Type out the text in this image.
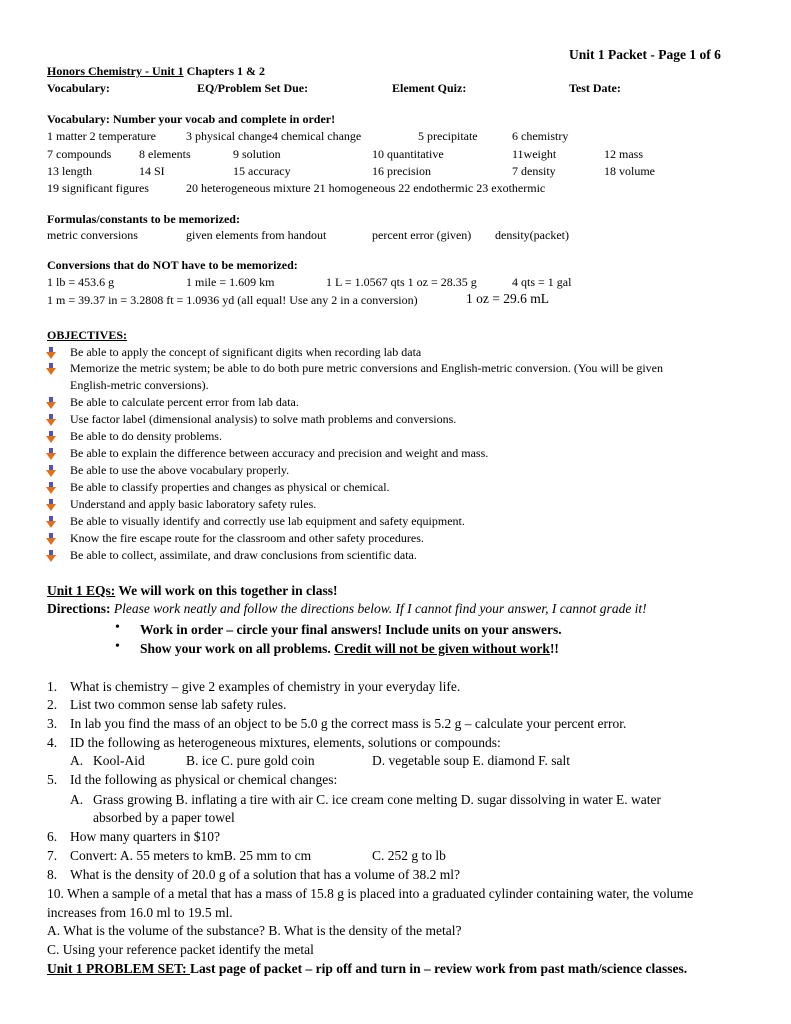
Unit 1 Packet - Page 1 of 6
Honors Chemistry - Unit 1 Chapters 1 & 2
Vocabulary:	EQ/Problem Set Due:	Element Quiz:	Test Date:
Vocabulary: Number your vocab and complete in order!
1 matter 2 temperature	3 physical change4 chemical change	5 precipitate	6 chemistry
7 compounds 8 elements	9 solution	10 quantitative	11weight	12 mass
13 length	14 SI	15 accuracy	16 precision	7 density	18 volume
19 significant figures	20 heterogeneous mixture 21 homogeneous 22 endothermic 23 exothermic
Formulas/constants to be memorized:
metric conversions	given elements from handout	percent error (given) density(packet)
Conversions that do NOT have to be memorized:
1 lb = 453.6 g	1 mile = 1.609 km	1 L = 1.0567 qts 1 oz = 28.35 g	4 qts = 1 gal
1 m = 39.37 in = 3.2808 ft = 1.0936 yd (all equal! Use any 2 in a conversion)	1 oz = 29.6 mL
OBJECTIVES:
Be able to apply the concept of significant digits when recording lab data
Memorize the metric system; be able to do both pure metric conversions and English-metric conversion. (You will be given
English-metric conversions).
Be able to calculate percent error from lab data.
Use factor label (dimensional analysis) to solve math problems and conversions.
Be able to do density problems.
Be able to explain the difference between accuracy and precision and weight and mass.
Be able to use the above vocabulary properly.
Be able to classify properties and changes as physical or chemical.
Understand and apply basic laboratory safety rules.
Be able to visually identify and correctly use lab equipment and safety equipment.
Know the fire escape route for the classroom and other safety procedures.
Be able to collect, assimilate, and draw conclusions from scientific data.
Unit 1 EQs: We will work on this together in class!
Directions: Please work neatly and follow the directions below. If I cannot find your answer, I cannot grade it!
• Work in order – circle your final answers! Include units on your answers.
• Show your work on all problems. Credit will not be given without work!!
1. What is chemistry – give 2 examples of chemistry in your everyday life.
2. List two common sense lab safety rules.
3. In lab you find the mass of an object to be 5.0 g the correct mass is 5.2 g – calculate your percent error.
4. ID the following as heterogeneous mixtures, elements, solutions or compounds:
A. Kool-Aid	B. ice C. pure gold coin	D. vegetable soup E. diamond F. salt
5. Id the following as physical or chemical changes:
A. Grass growing B. inflating a tire with air C. ice cream cone melting D. sugar dissolving in water E. water
absorbed by a paper towel
6. How many quarters in $10?
7. Convert: A. 55 meters to kmB. 25 mm to cm	C. 252 g to lb
8. What is the density of 20.0 g of a solution that has a volume of 38.2 ml?
10. When a sample of a metal that has a mass of 15.8 g is placed into a graduated cylinder containing water, the volume
increases from 16.0 ml to 19.5 ml.
A. What is the volume of the substance? B. What is the density of the metal?
C. Using your reference packet identify the metal
Unit 1 PROBLEM SET: Last page of packet – rip off and turn in – review work from past math/science classes.
